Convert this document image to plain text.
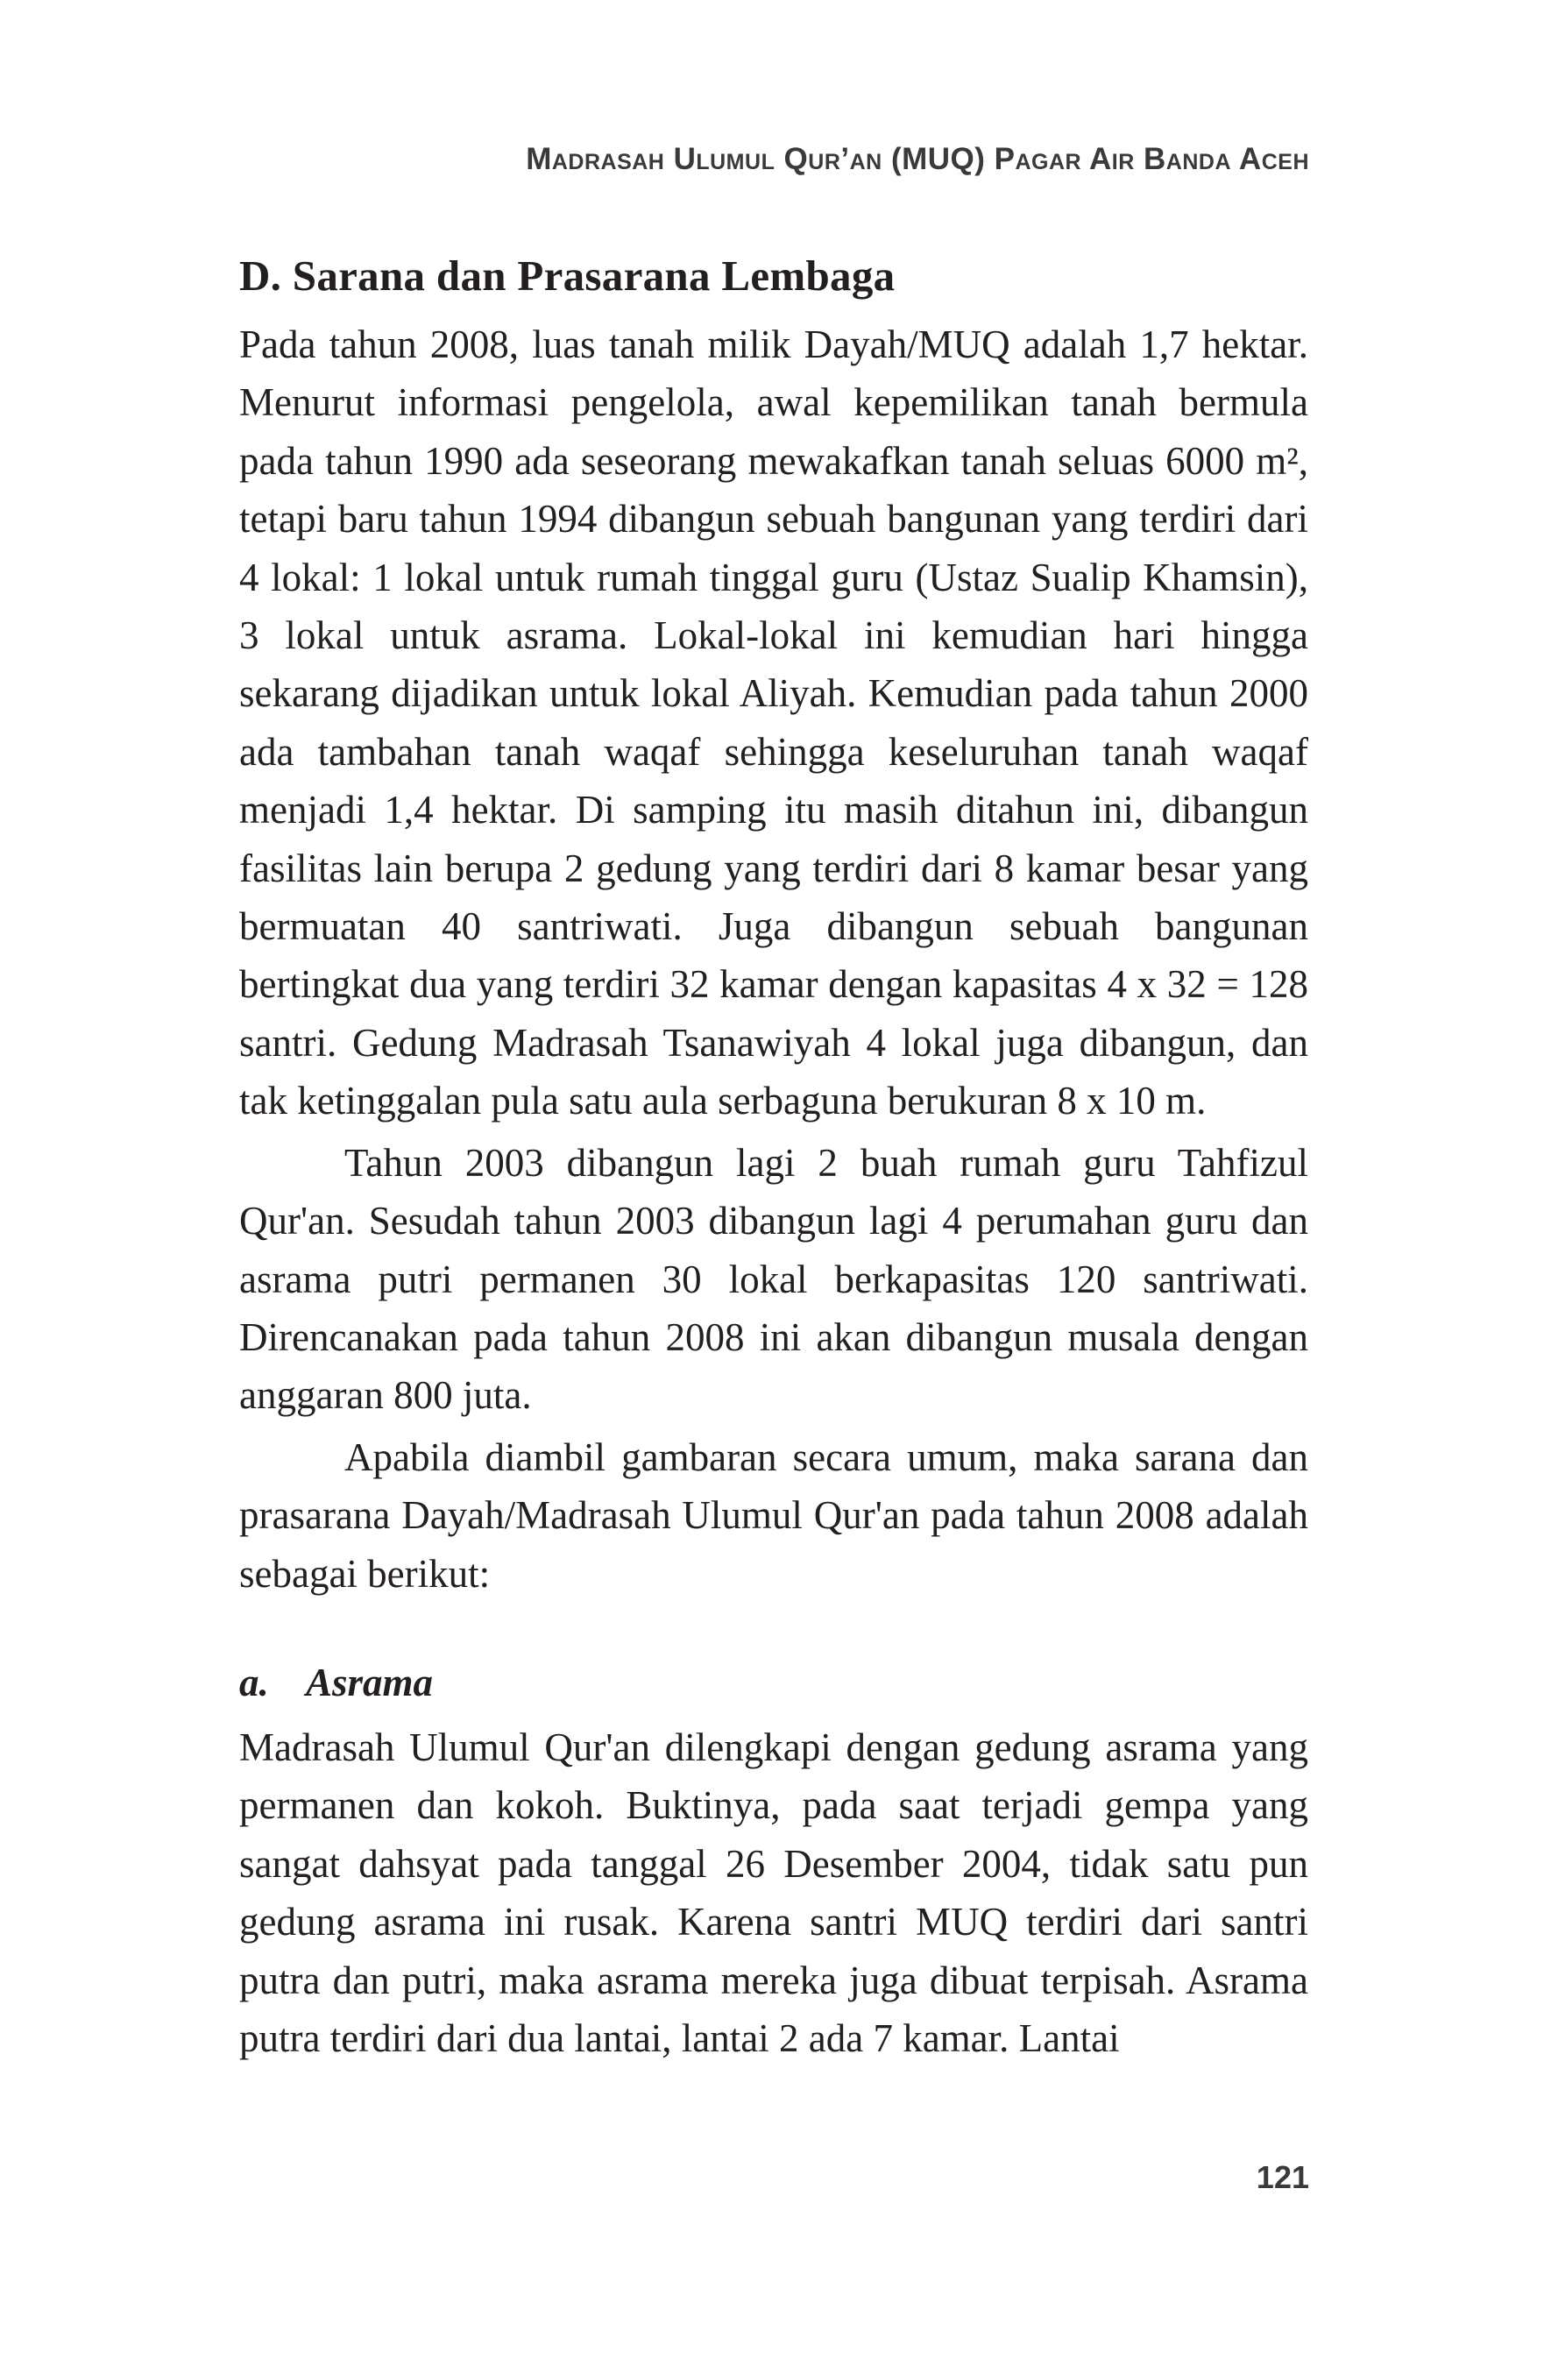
Madrasah Ulumul Qur’an (MUQ) Pagar Air Banda Aceh
D. Sarana dan Prasarana Lembaga

Pada tahun 2008, luas tanah milik Dayah/MUQ adalah 1,7 hektar. Menurut informasi pengelola, awal kepemilikan tanah bermula pada tahun 1990 ada seseorang mewakafkan tanah seluas 6000 m², tetapi baru tahun 1994 dibangun sebuah bangunan yang terdiri dari 4 lokal: 1 lokal untuk rumah tinggal guru (Ustaz Sualip Khamsin), 3 lokal untuk asrama. Lokal-lokal ini kemudian hari hingga sekarang dijadikan untuk lokal Aliyah. Kemudian pada tahun 2000 ada tambahan tanah waqaf sehingga keseluruhan tanah waqaf menjadi 1,4 hektar. Di samping itu masih ditahun ini, dibangun fasilitas lain berupa 2 gedung yang terdiri dari 8 kamar besar yang bermuatan 40 santriwati. Juga dibangun sebuah bangunan bertingkat dua yang terdiri 32 kamar dengan kapasitas 4 x 32 = 128 santri. Gedung Madrasah Tsanawiyah 4 lokal juga dibangun, dan tak ketinggalan pula satu aula serbaguna berukuran 8 x 10 m.

Tahun 2003 dibangun lagi 2 buah rumah guru Tahfizul Qur'an. Sesudah tahun 2003 dibangun lagi 4 perumahan guru dan asrama putri permanen 30 lokal berkapasitas 120 santriwati. Direncanakan pada tahun 2008 ini akan dibangun musala dengan anggaran 800 juta.

Apabila diambil gambaran secara umum, maka sarana dan prasarana Dayah/Madrasah Ulumul Qur'an pada tahun 2008 adalah sebagai berikut:

a. Asrama

Madrasah Ulumul Qur'an dilengkapi dengan gedung asrama yang permanen dan kokoh. Buktinya, pada saat terjadi gempa yang sangat dahsyat pada tanggal 26 Desember 2004, tidak satu pun gedung asrama ini rusak. Karena santri MUQ terdiri dari santri putra dan putri, maka asrama mereka juga dibuat terpisah. Asrama putra terdiri dari dua lantai, lantai 2 ada 7 kamar. Lantai

121
